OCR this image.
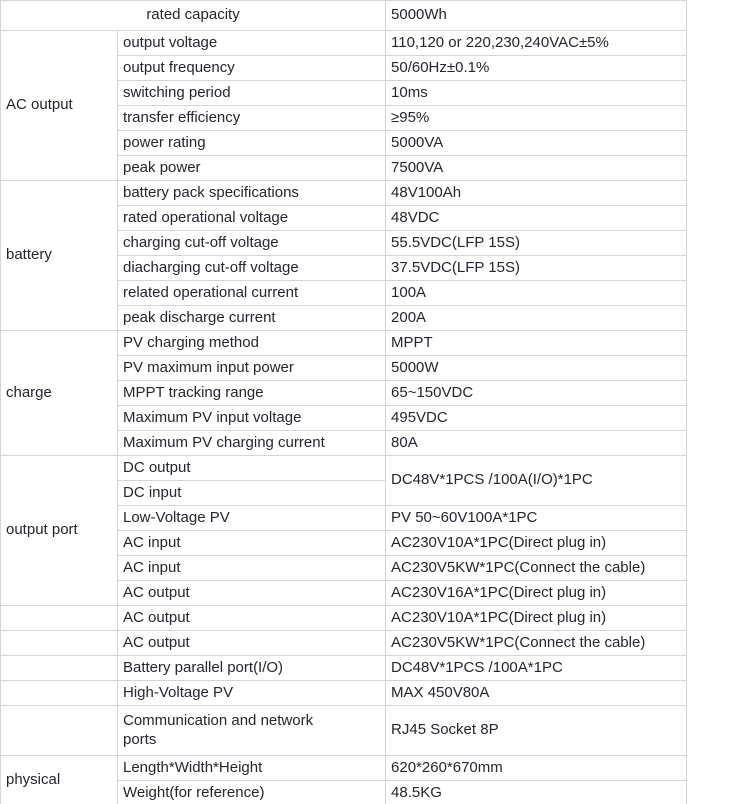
rated capacity		5000Wh
AC output	output voltage	110,120 or 220,230,240VAC±5%
	output frequency	50/60Hz±0.1%
	switching period	10ms
	transfer efficiency	≥95%
	power rating	5000VA
	peak power	7500VA
battery	battery pack specifications	48V100Ah
	rated operational voltage	48VDC
	charging cut-off voltage	55.5VDC(LFP 15S)
	diacharging cut-off voltage	37.5VDC(LFP 15S)
	related operational current	100A
	peak discharge current	200A
charge	PV charging method	MPPT
	PV maximum input power	5000W
	MPPT tracking range	65~150VDC
	Maximum PV input voltage	495VDC
	Maximum PV charging current	80A
output port	DC output	DC48V*1PCS /100A(I/O)*1PC
	DC input	
	Low-Voltage PV	PV 50~60V100A*1PC
	AC input	AC230V10A*1PC(Direct plug in)
	AC input	AC230V5KW*1PC(Connect the cable)
	AC output	AC230V16A*1PC(Direct plug in)
	AC output	AC230V10A*1PC(Direct plug in)
	AC output	AC230V5KW*1PC(Connect the cable)
	Battery parallel port(I/O)	DC48V*1PCS /100A*1PC
	High-Voltage PV	MAX 450V80A
	Communication and network ports	RJ45 Socket 8P
physical	Length*Width*Height	620*260*670mm
	Weight(for reference)	48.5KG
